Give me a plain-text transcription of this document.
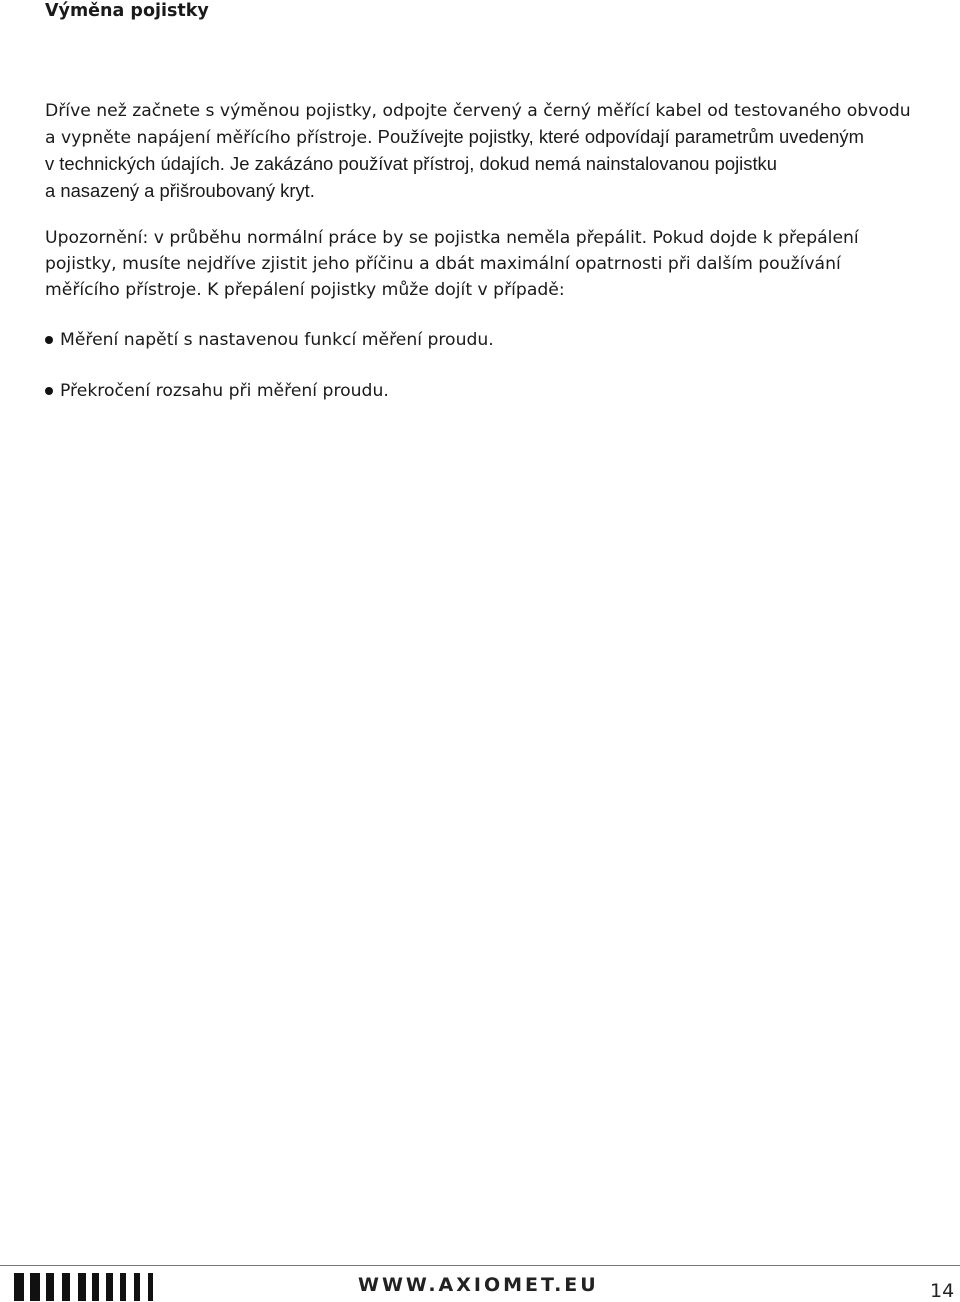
Výměna pojistky

Dříve než začnete s výměnou pojistky, odpojte červený a černý měřící kabel od testovaného obvodu
a vypněte napájení měřícího přístroje. Používejte pojistky, které odpovídají parametrům uvedeným
v technických údajích. Je zakázáno používat přístroj, dokud nemá nainstalovanou pojistku
a nasazený a přišroubovaný kryt.

Upozornění: v průběhu normální práce by se pojistka neměla přepálit. Pokud dojde k přepálení
pojistky, musíte nejdříve zjistit jeho příčinu a dbát maximální opatrnosti při dalším používání
měřícího přístroje. K přepálení pojistky může dojít v případě:

Měření napětí s nastavenou funkcí měření proudu.
Překročení rozsahu při měření proudu.
WWW.AXIOMET.EU	14
